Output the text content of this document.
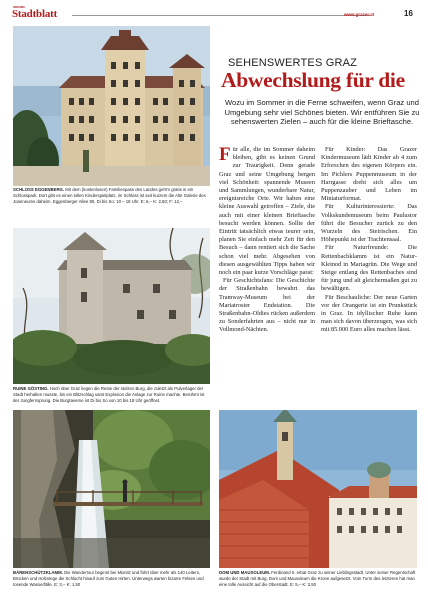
GRAZER
Stadtblatt	www.grazer.at	16
SCHLOSS EGGENBERG. Mit dem (kostenlosen) Familienpass des Landes geht's gratis in ein Schlosspark. Dort gibt es einen tollen Kinderspielplatz, im Schloss ist seit kurzem die Alte Galerie des Joanneums daheim. Eggenberger Allee 90, Di bis So: 10 – 18 Uhr. E: 6,– K: 2,50; F: 12,–
RUINE GÖSTING. Hoch über Graz liegen die Reste der stolzen Burg, die zuletzt als Pulverlager der Stadt herhalten musste, bis ein Blitzschlag samt Explosion die Anlage zur Ruine machte. Berühmt ist der Jungfernsprung. Die Burgtaverne ist Di bis So von 10 bis 18 Uhr geöffnet.
BÄRENSCHÜTZKLAMM. Die Wandertour beginnt bei Mixnitz und führt über mehr als 140 Leitern, Brücken und Holzstege die Schlucht hinauf zum Guten Hirten. Unterwegs warten bizarre Felsen und tosende Wasserfälle. E: 3,– K: 1,50
DOM UND MAUSOLEUM. Ferdinand II. erbat Graz zu seiner Lieblingsstadt. Unter seiner Regentschaft wurde der Stadt mit Burg, Dom und Mausoleum die Krone aufgesetzt. Vom Turm des letzteren hat man eine tolle Aussicht auf die Oberstadt. E: 5,– K: 3,50
SEHENSWERTES GRAZ
Abwechslung für die
Wozu im Sommer in die Ferne schweifen, wenn Graz und Umgebung sehr viel Schönes bieten. Wir entführen Sie zu sehenswerten Zielen – auch für die kleine Brieftasche.

Für alle, die im Sommer daheim bleiben, gibt es keinen Grund zur Traurigkeit. Denn gerade Graz und seine Umgebung bergen viel Schönheit: spannende Museen und Sammlungen, wunderbare Natur, ereignisreiche Orte. Wir haben eine kleine Auswahl getroffen – Ziele, die auch mit einer kleinen Brieftasche besucht werden können. Sollte der Eintritt tatsächlich etwas teurer sein, planen Sie einfach mehr Zeit für den Besuch – dann rentiert sich die Sache schon viel mehr. Abgesehen von diesen ausgewählten Tipps haben wir noch ein paar kurze Vorschläge parat:

Für Geschichtsfans: Die Geschichte der Straßenbahn bewahrt das Tramway-Museum bei der Mariatroster Endstation. Die Straßenbahn-Oldies rücken außerdem zu Sonderfahrten aus – nicht nur in Vollmond-Nächten.

Für Kinder: Das Grazer Kindermuseum lädt Kinder ab 4 zum Erforschen des eigenen Körpers ein. Im Pichlers Puppenmuseum in der Harrgasse dreht sich alles um Puppenzauber und Leben im Miniaturformat.

Für Kulturinteressierte: Das Volkskundemuseum beim Paulustor führt die Besucher zurück zu den Wurzeln des Steirischen. Ein Höhepunkt ist der Trachtensaal.

Für Naturfreunde: Die Rettenbachklamm ist ein Natur-Kleinod in Mariagrün. Die Wege und Steige entlang des Rettenbaches sind für jung und alt gleichermaßen gut zu bewältigen.

Für Beschauliche: Der neue Garten vor der Orangerie ist ein Prunkstück in Graz. In idyllischer Ruhe kann man sich davon überzeugen, was sich mit 85.000 Euro alles machen lässt.
